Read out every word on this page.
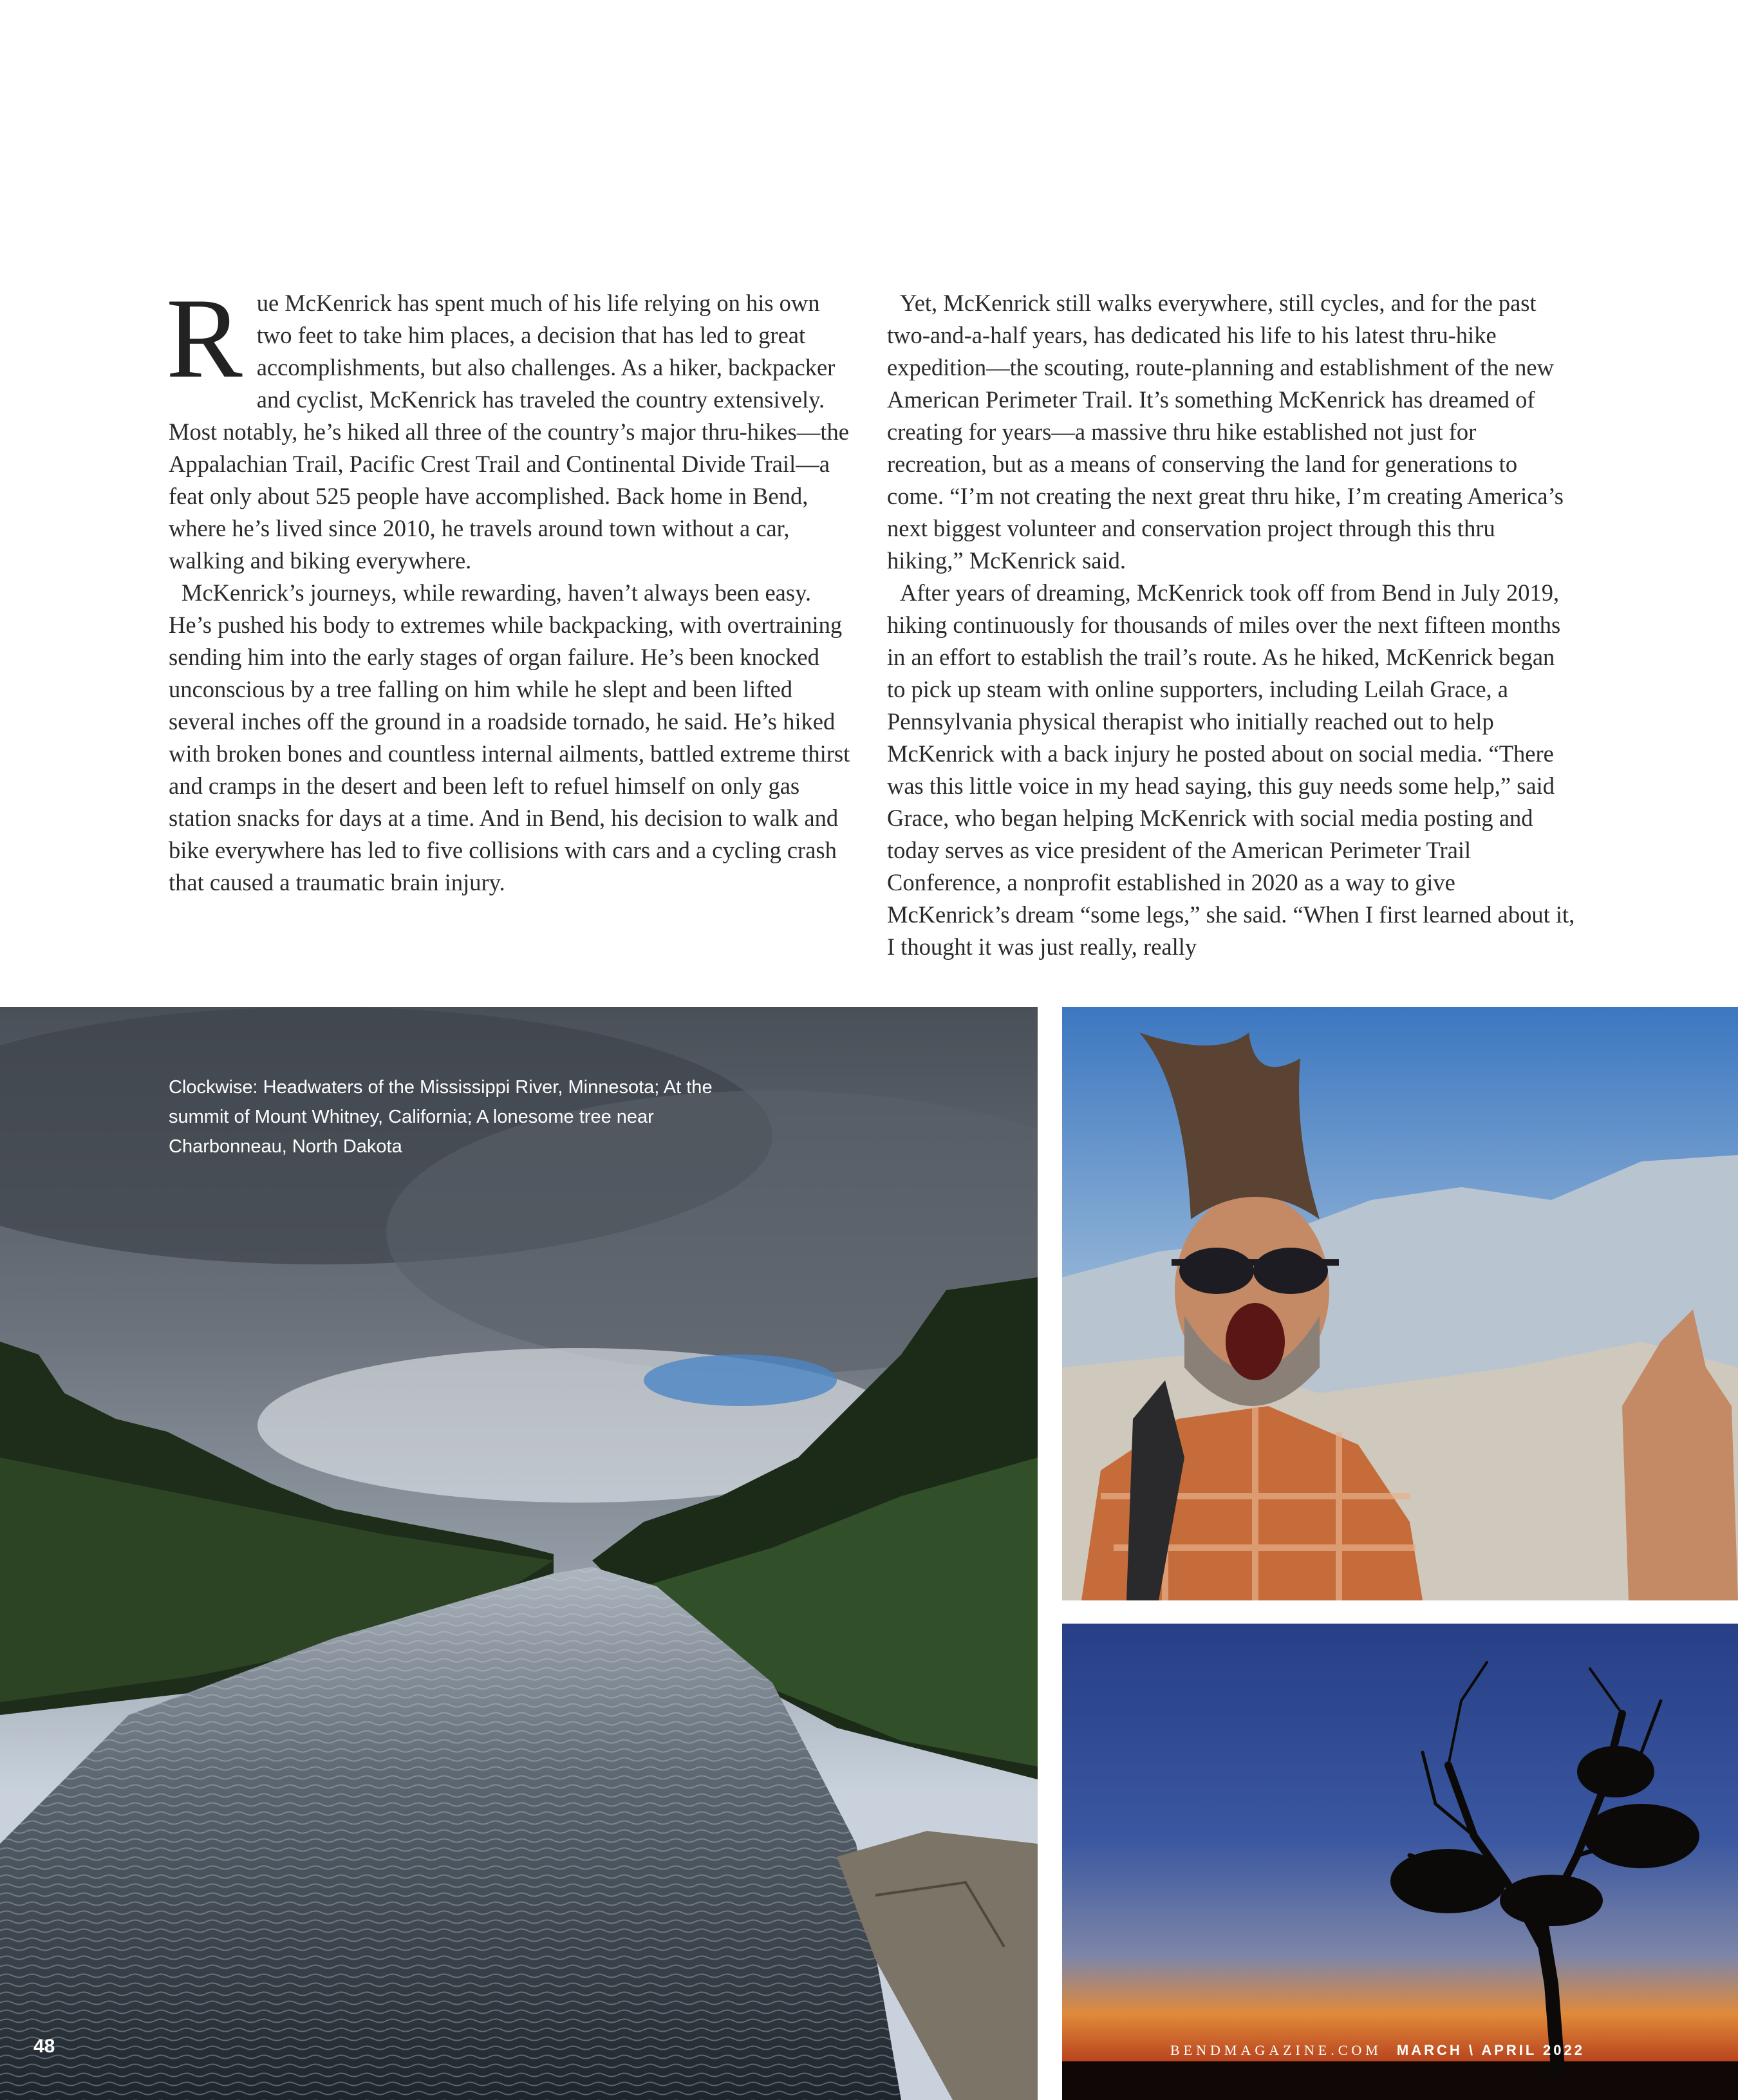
Rue McKenrick has spent much of his life relying on his own two feet to take him places, a decision that has led to great accomplishments, but also challenges. As a hiker, backpacker and cyclist, McKenrick has traveled the country extensively. Most notably, he’s hiked all three of the country’s major thru-hikes—the Appalachian Trail, Pacific Crest Trail and Continental Divide Trail—a feat only about 525 people have accomplished. Back home in Bend, where he’s lived since 2010, he travels around town without a car, walking and biking everywhere.

McKenrick’s journeys, while rewarding, haven’t always been easy. He’s pushed his body to extremes while backpacking, with overtraining sending him into the early stages of organ failure. He’s been knocked unconscious by a tree falling on him while he slept and been lifted several inches off the ground in a roadside tornado, he said. He’s hiked with broken bones and countless internal ailments, battled extreme thirst and cramps in the desert and been left to refuel himself on only gas station snacks for days at a time. And in Bend, his decision to walk and bike everywhere has led to five collisions with cars and a cycling crash that caused a traumatic brain injury.

Yet, McKenrick still walks everywhere, still cycles, and for the past two-and-a-half years, has dedicated his life to his latest thru-hike expedition—the scouting, route-planning and establishment of the new American Perimeter Trail. It’s something McKenrick has dreamed of creating for years—a massive thru hike established not just for recreation, but as a means of conserving the land for generations to come. “I’m not creating the next great thru hike, I’m creating America’s next biggest volunteer and conservation project through this thru hiking,” McKenrick said.

After years of dreaming, McKenrick took off from Bend in July 2019, hiking continuously for thousands of miles over the next fifteen months in an effort to establish the trail’s route. As he hiked, McKenrick began to pick up steam with online supporters, including Leilah Grace, a Pennsylvania physical therapist who initially reached out to help McKenrick with a back injury he posted about on social media. “There was this little voice in my head saying, this guy needs some help,” said Grace, who began helping McKenrick with social media posting and today serves as vice president of the American Perimeter Trail Conference, a nonprofit established in 2020 as a way to give McKenrick’s dream “some legs,” she said. “When I first learned about it, I thought it was just really, really

Clockwise: Headwaters of the Mississippi River, Minnesota; At the summit of Mount Whitney, California; A lonesome tree near Charbonneau, North Dakota
48	BENDMAGAZINE.COM MARCH \ APRIL 2022
